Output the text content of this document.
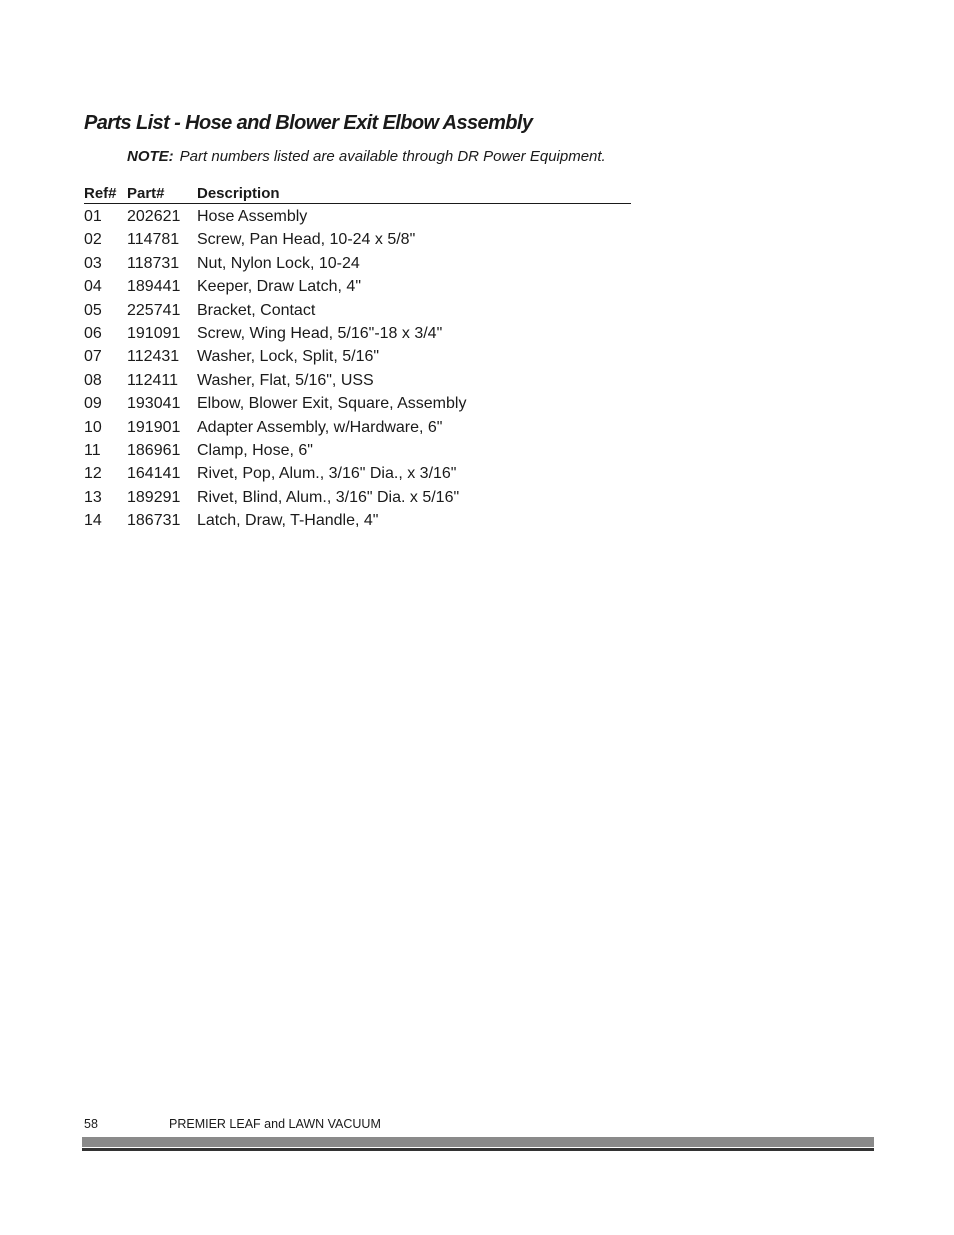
Parts List - Hose and Blower Exit Elbow Assembly
NOTE: Part numbers listed are available through DR Power Equipment.
Ref# Part#	Description
01	202621	Hose Assembly
02	114781	Screw, Pan Head, 10-24 x 5/8"
03	118731	Nut, Nylon Lock, 10-24
04	189441	Keeper, Draw Latch, 4"
05	225741	Bracket, Contact
06	191091	Screw, Wing Head, 5/16"-18 x 3/4"
07	112431	Washer, Lock, Split, 5/16"
08	112411	Washer, Flat, 5/16", USS
09	193041	Elbow, Blower Exit, Square, Assembly
10	191901	Adapter Assembly, w/Hardware, 6"
11	186961	Clamp, Hose, 6"
12	164141	Rivet, Pop, Alum., 3/16" Dia., x 3/16"
13	189291	Rivet, Blind, Alum., 3/16" Dia. x 5/16"
14	186731	Latch, Draw, T-Handle, 4"
58	PREMIER LEAF and LAWN VACUUM
